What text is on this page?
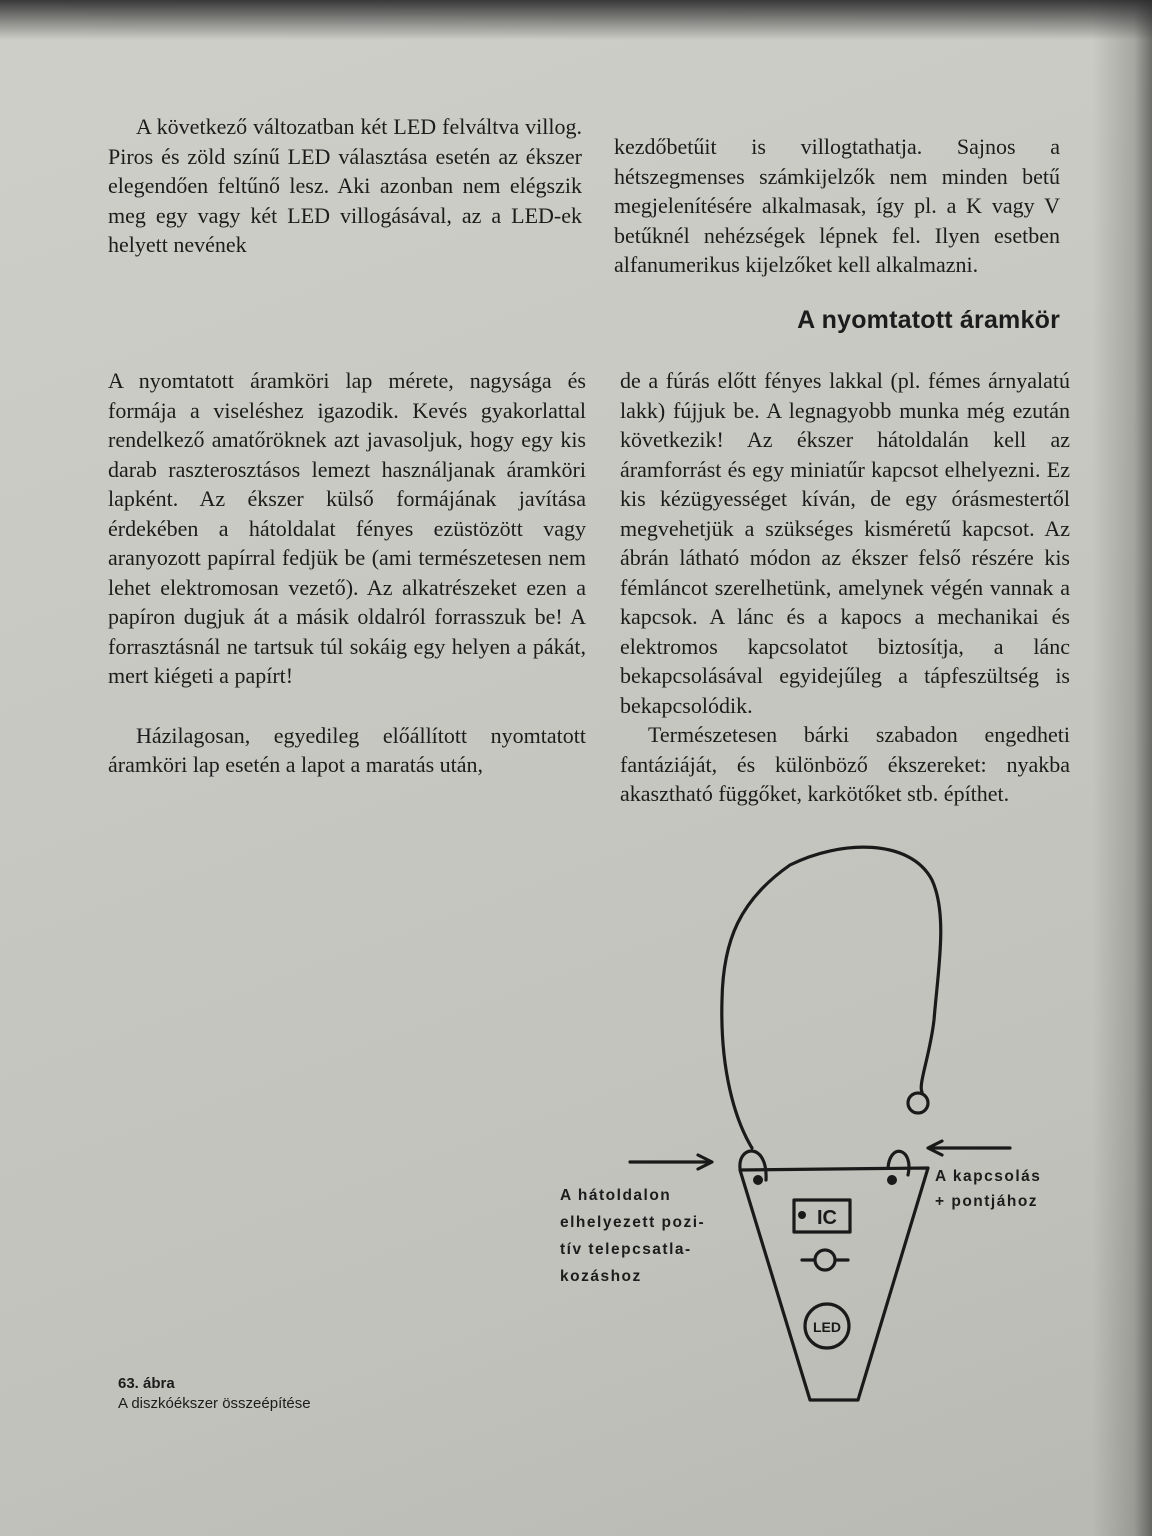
A következő változatban két LED felváltva villog. Piros és zöld színű LED választása esetén az ékszer elegendően feltűnő lesz. Aki azonban nem elégszik meg egy vagy két LED villogásával, az a LED-ek helyett nevének

kezdőbetűit is villogtathatja. Sajnos a hétszegmenses számkijelzők nem minden betű megjelenítésére alkalmasak, így pl. a K vagy V betűknél nehézségek lépnek fel. Ilyen esetben alfanumerikus kijelzőket kell alkalmazni.

A nyomtatott áramkör

A nyomtatott áramköri lap mérete, nagysága és formája a viseléshez igazodik. Kevés gyakorlattal rendelkező amatőröknek azt javasoljuk, hogy egy kis darab raszterosztásos lemezt használjanak áramköri lapként. Az ékszer külső formájának javítása érdekében a hátoldalat fényes ezüstözött vagy aranyozott papírral fedjük be (ami természetesen nem lehet elektromosan vezető). Az alkatrészeket ezen a papíron dugjuk át a másik oldalról forrasszuk be! A forrasztásnál ne tartsuk túl sokáig egy helyen a pákát, mert kiégeti a papírt!

Házilagosan, egyedileg előállított nyomtatott áramköri lap esetén a lapot a maratás után,

de a fúrás előtt fényes lakkal (pl. fémes árnyalatú lakk) fújjuk be. A legnagyobb munka még ezután következik! Az ékszer hátoldalán kell az áramforrást és egy miniatűr kapcsot elhelyezni. Ez kis kézügyességet kíván, de egy órásmestertől megvehetjük a szükséges kisméretű kapcsot. Az ábrán látható módon az ékszer felső részére kis fémláncot szerelhetünk, amelynek végén vannak a kapcsok. A lánc és a kapocs a mechanikai és elektromos kapcsolatot biztosítja, a lánc bekapcsolásával egyidejűleg a tápfeszültség is bekapcsolódik.

Természetesen bárki szabadon engedheti fantáziáját, és különböző ékszereket: nyakba akasztható függőket, karkötőket stb. építhet.

IC
LED
A hátoldalon
elhelyezett pozi-
tív telepcsatla-
kozáshoz
A kapcsolás
+ pontjához
63. ábra
A diszkóékszer összeépítése
